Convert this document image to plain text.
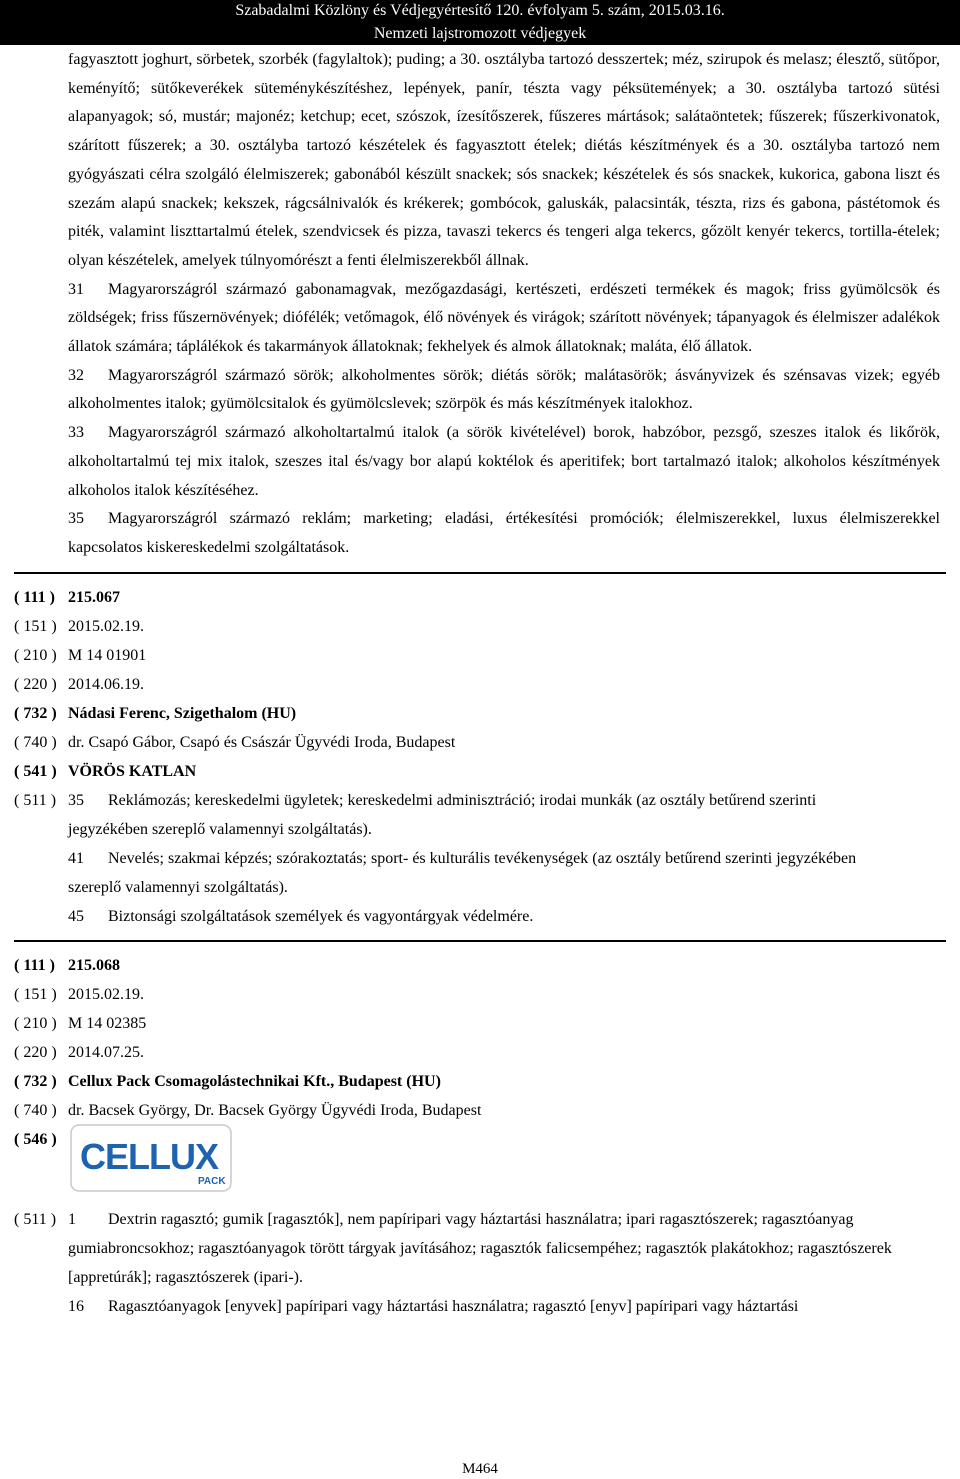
Szabadalmi Közlöny és Védjegyértesítő 120. évfolyam 5. szám, 2015.03.16.
Nemzeti lajstromozott védjegyek
fagyasztott joghurt, sörbetek, szorbék (fagylaltok); puding; a 30. osztályba tartozó desszertek; méz, szirupok és melasz; élesztő, sütőpor, keményítő; sütőkeverékek süteménykészítéshez, lepények, panír, tészta vagy péksütemények; a 30. osztályba tartozó sütési alapanyagok; só, mustár; majonéz; ketchup; ecet, szószok, ízesítőszerek, fűszeres mártások; salátaöntetek; fűszerek; fűszerkivonatok, szárított fűszerek; a 30. osztályba tartozó készételek és fagyasztott ételek; diétás készítmények és a 30. osztályba tartozó nem gyógyászati célra szolgáló élelmiszerek; gabonából készült snackek; sós snackek; készételek és sós snackek, kukorica, gabona liszt és szezám alapú snackek; kekszek, rágcsálnivalók és krékerek; gombócok, galuskák, palacsinták, tészta, rizs és gabona, pástétomok és piték, valamint liszttartalmú ételek, szendvicsek és pizza, tavaszi tekercs és tengeri alga tekercs, gőzölt kenyér tekercs, tortilla-ételek; olyan készételek, amelyek túlnyomórészt a fenti élelmiszerekből állnak.
31 Magyarországról származó gabonamagvak, mezőgazdasági, kertészeti, erdészeti termékek és magok; friss gyümölcsök és zöldségek; friss fűszernövények; diófélék; vetőmagok, élő növények és virágok; szárított növények; tápanyagok és élelmiszer adalékok állatok számára; táplálékok és takarmányok állatoknak; fekhelyek és almok állatoknak; maláta, élő állatok.
32 Magyarországról származó sörök; alkoholmentes sörök; diétás sörök; malátasörök; ásványvizek és szénsavas vizek; egyéb alkoholmentes italok; gyümölcsitalok és gyümölcslevek; szörpök és más készítmények italokhoz.
33 Magyarországról származó alkoholtartalmú italok (a sörök kivételével) borok, habzóbor, pezsgő, szeszes italok és likőrök, alkoholtartalmú tej mix italok, szeszes ital és/vagy bor alapú koktélok és aperitifek; bort tartalmazó italok; alkoholos készítmények alkoholos italok készítéséhez.
35 Magyarországról származó reklám; marketing; eladási, értékesítési promóciók; élelmiszerekkel, luxus élelmiszerekkel kapcsolatos kiskereskedelmi szolgáltatások.
( 111 ) 215.067
( 151 ) 2015.02.19.
( 210 ) M 14 01901
( 220 ) 2014.06.19.
( 732 ) Nádasi Ferenc, Szigethalom (HU)
( 740 ) dr. Csapó Gábor, Csapó és Császár Ügyvédi Iroda, Budapest
( 541 ) VÖRÖS KATLAN
( 511 ) 35 Reklámozás; kereskedelmi ügyletek; kereskedelmi adminisztráció; irodai munkák (az osztály betűrend szerinti jegyzékében szereplő valamennyi szolgáltatás).
41 Nevelés; szakmai képzés; szórakoztatás; sport- és kulturális tevékenységek (az osztály betűrend szerinti jegyzékében szereplő valamennyi szolgáltatás).
45 Biztonsági szolgáltatások személyek és vagyontárgyak védelmére.
( 111 ) 215.068
( 151 ) 2015.02.19.
( 210 ) M 14 02385
( 220 ) 2014.07.25.
( 732 ) Cellux Pack Csomagolástechnikai Kft., Budapest (HU)
( 740 ) dr. Bacsek György, Dr. Bacsek György Ügyvédi Iroda, Budapest
( 546 ) CELLUX
PACK
( 511 ) 1 Dextrin ragasztó; gumik [ragasztók], nem papíripari vagy háztartási használatra; ipari ragasztószerek; ragasztóanyag gumiabroncsokhoz; ragasztóanyagok törött tárgyak javításához; ragasztók falicsempéhez; ragasztók plakátokhoz; ragasztószerek [appretúrák]; ragasztószerek (ipari-).
16 Ragasztóanyagok [enyvek] papíripari vagy háztartási használatra; ragasztó [enyv] papíripari vagy háztartási
M464
